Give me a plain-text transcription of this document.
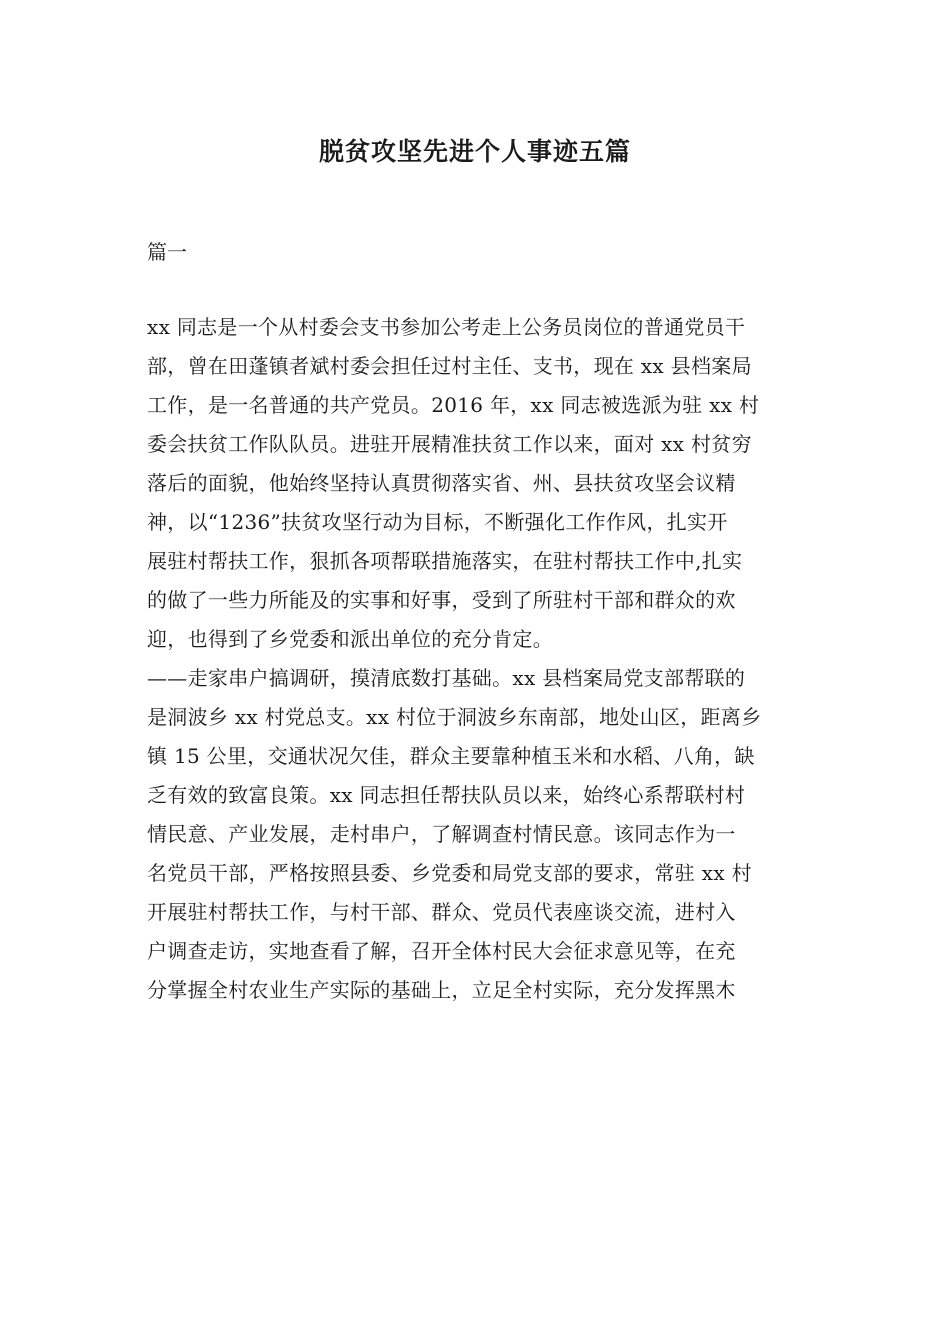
脱贫攻坚先进个人事迹五篇
篇一
xx 同志是一个从村委会支书参加公考走上公务员岗位的普通党员干
部，曾在田蓬镇者斌村委会担任过村主任、支书，现在 xx 县档案局
工作，是一名普通的共产党员。2016 年，xx 同志被选派为驻 xx 村
委会扶贫工作队队员。进驻开展精准扶贫工作以来，面对 xx 村贫穷
落后的面貌，他始终坚持认真贯彻落实省、州、县扶贫攻坚会议精
神，以“1236”扶贫攻坚行动为目标，不断强化工作作风，扎实开
展驻村帮扶工作，狠抓各项帮联措施落实，在驻村帮扶工作中,扎实
的做了一些力所能及的实事和好事，受到了所驻村干部和群众的欢
迎，也得到了乡党委和派出单位的充分肯定。
——走家串户搞调研，摸清底数打基础。xx 县档案局党支部帮联的
是洞波乡 xx 村党总支。xx 村位于洞波乡东南部，地处山区，距离乡
镇 15 公里，交通状况欠佳，群众主要靠种植玉米和水稻、八角，缺
乏有效的致富良策。xx 同志担任帮扶队员以来，始终心系帮联村村
情民意、产业发展，走村串户，了解调查村情民意。该同志作为一
名党员干部，严格按照县委、乡党委和局党支部的要求，常驻 xx 村
开展驻村帮扶工作，与村干部、群众、党员代表座谈交流，进村入
户调查走访，实地查看了解，召开全体村民大会征求意见等，在充
分掌握全村农业生产实际的基础上，立足全村实际，充分发挥黑木
